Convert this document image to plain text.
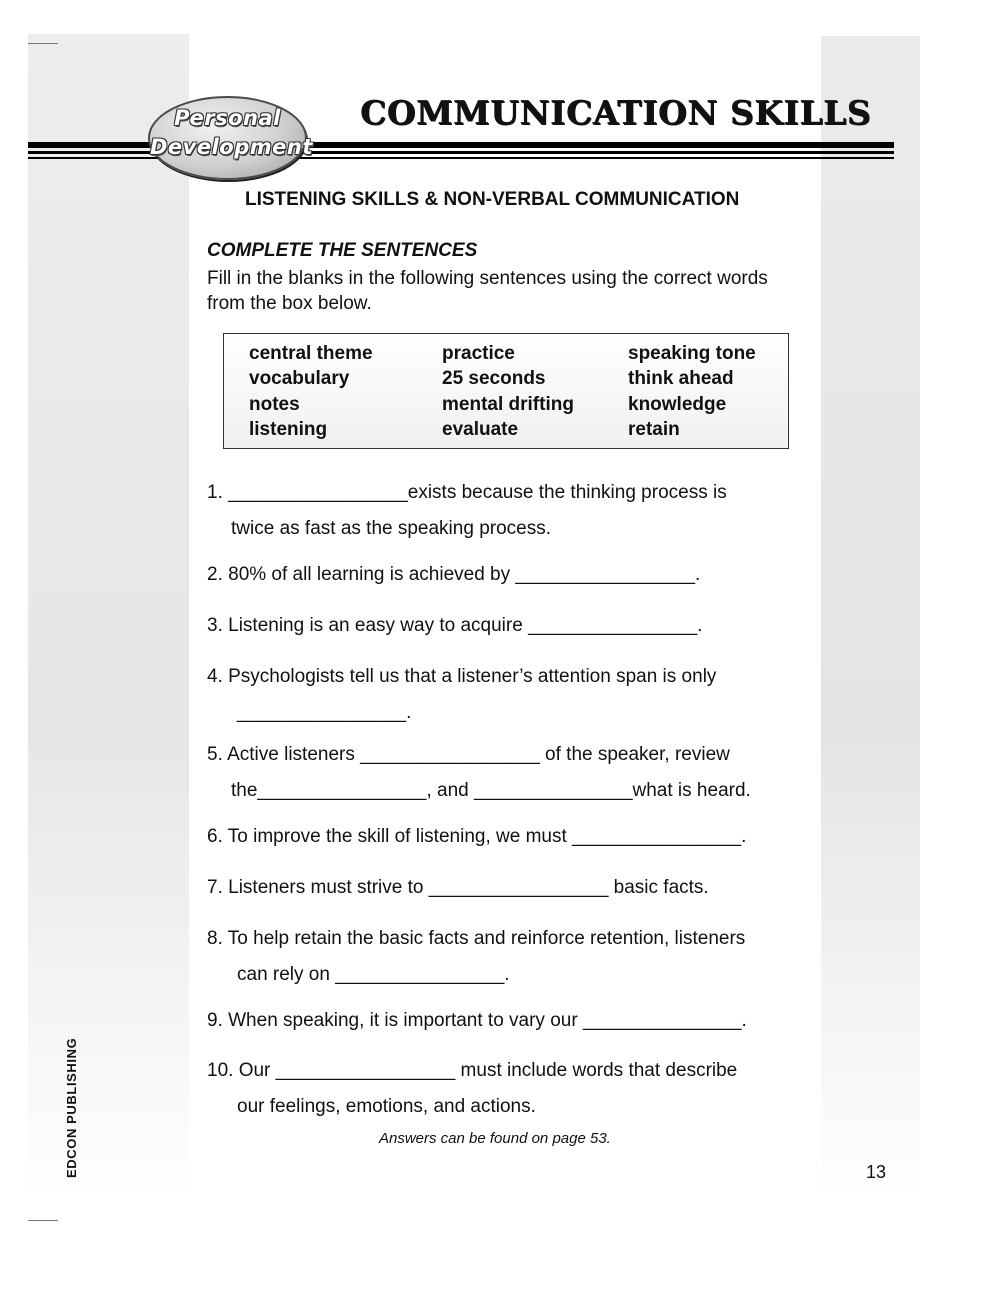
Personal
Development
COMMUNICATION SKILLS
LISTENING SKILLS & NON-VERBAL COMMUNICATION
COMPLETE THE SENTENCES
Fill in the blanks in the following sentences using the correct words from the box below.
central theme	practice	speaking tone
vocabulary	25 seconds	think ahead
notes	mental drifting	knowledge
listening	evaluate	retain
1. _________________exists because the thinking process is
twice as fast as the speaking process.
2. 80% of all learning is achieved by _________________.
3. Listening is an easy way to acquire ________________.
4. Psychologists tell us that a listener’s attention span is only
________________.
5. Active listeners _________________ of the speaker, review
the________________, and _______________what is heard.
6. To improve the skill of listening, we must ________________.
7. Listeners must strive to _________________ basic facts.
8. To help retain the basic facts and reinforce retention, listeners
can rely on ________________.
9. When speaking, it is important to vary our _______________.
10. Our _________________ must include words that describe
our feelings, emotions, and actions.
Answers can be found on page 53.
13
EDCON PUBLISHING
